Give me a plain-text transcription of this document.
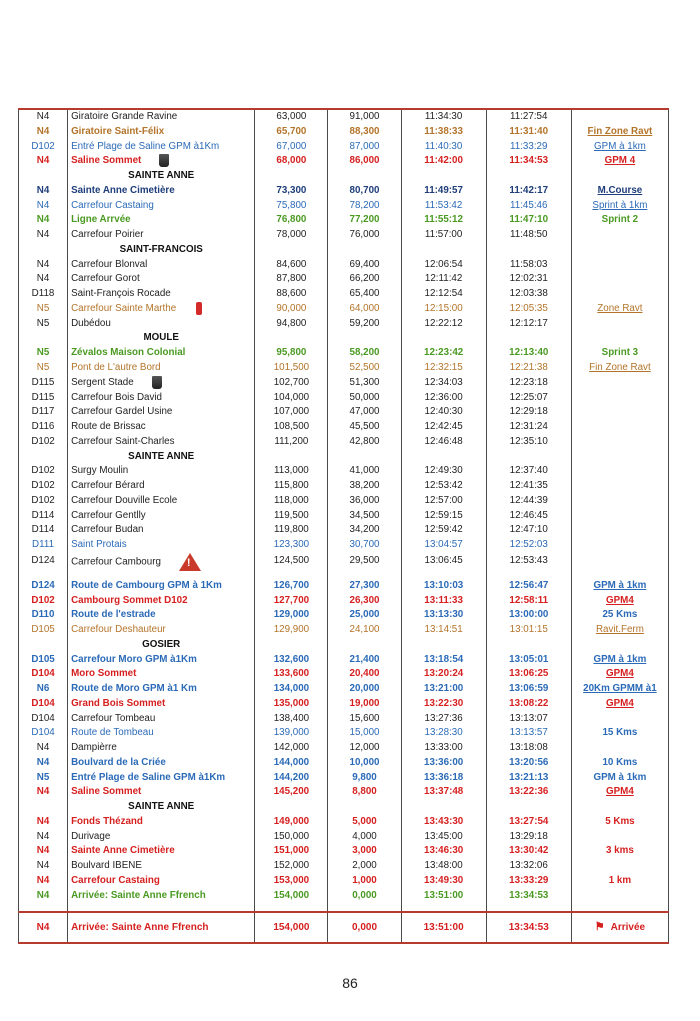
N4	Giratoire Grande Ravine	63,000	91,000	11:34:30	11:27:54	
N4	Giratoire Saint-Félix	65,700	88,300	11:38:33	11:31:40	Fin Zone Ravt
D102	Entré Plage de Saline GPM à1Km	67,000	87,000	11:40:30	11:33:29	GPM à 1km
N4	Saline Sommet	68,000	86,000	11:42:00	11:34:53	GPM 4
	SAINTE ANNE					
N4	Sainte Anne Cimetière	73,300	80,700	11:49:57	11:42:17	M.Course
N4	Carrefour Castaing	75,800	78,200	11:53:42	11:45:46	Sprint à 1km
N4	Ligne Arrvée	76,800	77,200	11:55:12	11:47:10	Sprint 2
N4	Carrefour Poirier	78,000	76,000	11:57:00	11:48:50	
	SAINT-FRANCOIS					
N4	Carrefour Blonval	84,600	69,400	12:06:54	11:58:03	
N4	Carrefour Gorot	87,800	66,200	12:11:42	12:02:31	
D118	Saint-François Rocade	88,600	65,400	12:12:54	12:03:38	
N5	Carrefour Sainte Marthe	90,000	64,000	12:15:00	12:05:35	Zone Ravt
N5	Dubédou	94,800	59,200	12:22:12	12:12:17	
	MOULE					
N5	Zévalos Maison Colonial	95,800	58,200	12:23:42	12:13:40	Sprint 3
N5	Pont de L'autre Bord	101,500	52,500	12:32:15	12:21:38	Fin Zone Ravt
D115	Sergent Stade	102,700	51,300	12:34:03	12:23:18	
D115	Carrefour Bois David	104,000	50,000	12:36:00	12:25:07	
D117	Carrefour Gardel Usine	107,000	47,000	12:40:30	12:29:18	
D116	Route de Brissac	108,500	45,500	12:42:45	12:31:24	
D102	Carrefour Saint-Charles	111,200	42,800	12:46:48	12:35:10	
	SAINTE ANNE					
D102	Surgy Moulin	113,000	41,000	12:49:30	12:37:40	
D102	Carrefour Bérard	115,800	38,200	12:53:42	12:41:35	
D102	Carrefour Douville Ecole	118,000	36,000	12:57:00	12:44:39	
D114	Carrefour Gentlly	119,500	34,500	12:59:15	12:46:45	
D114	Carrefour Budan	119,800	34,200	12:59:42	12:47:10	
D111	Saint Protais	123,300	30,700	13:04:57	12:52:03	
D124	Carrefour Cambourg!	124,500	29,500	13:06:45	12:53:43	

D124	Route de Cambourg GPM à 1Km	126,700	27,300	13:10:03	12:56:47	GPM à 1km
D102	Cambourg Sommet D102	127,700	26,300	13:11:33	12:58:11	GPM4
D110	Route de l'estrade	129,000	25,000	13:13:30	13:00:00	25 Kms
D105	Carrefour Deshauteur	129,900	24,100	13:14:51	13:01:15	Ravit.Ferm
	GOSIER					
D105	Carrefour Moro GPM à1Km	132,600	21,400	13:18:54	13:05:01	GPM à 1km
D104	Moro Sommet	133,600	20,400	13:20:24	13:06:25	GPM4
N6	Route de Moro GPM à1 Km	134,000	20,000	13:21:00	13:06:59	20Km GPMM à1
D104	Grand Bois Sommet	135,000	19,000	13:22:30	13:08:22	GPM4
D104	Carrefour Tombeau	138,400	15,600	13:27:36	13:13:07	
D104	Route de Tombeau	139,000	15,000	13:28:30	13:13:57	15 Kms
N4	Dampièrre	142,000	12,000	13:33:00	13:18:08	
N4	Boulvard de la Criée	144,000	10,000	13:36:00	13:20:56	10 Kms
N5	Entré Plage de Saline GPM à1Km	144,200	9,800	13:36:18	13:21:13	GPM à 1km
N4	Saline Sommet	145,200	8,800	13:37:48	13:22:36	GPM4
	SAINTE ANNE					
N4	Fonds Thézand	149,000	5,000	13:43:30	13:27:54	5 Kms
N4	Durivage	150,000	4,000	13:45:00	13:29:18	
N4	Sainte Anne Cimetière	151,000	3,000	13:46:30	13:30:42	3 kms
N4	Boulvard IBENE	152,000	2,000	13:48:00	13:32:06	
N4	Carrefour Castaing	153,000	1,000	13:49:30	13:33:29	1 km
N4	Arrivée: Sainte Anne Ffrench	154,000	0,000	13:51:00	13:34:53	

N4	Arrivée: Sainte Anne Ffrench	154,000	0,000	13:51:00	13:34:53	⚑ Arrivée
86
